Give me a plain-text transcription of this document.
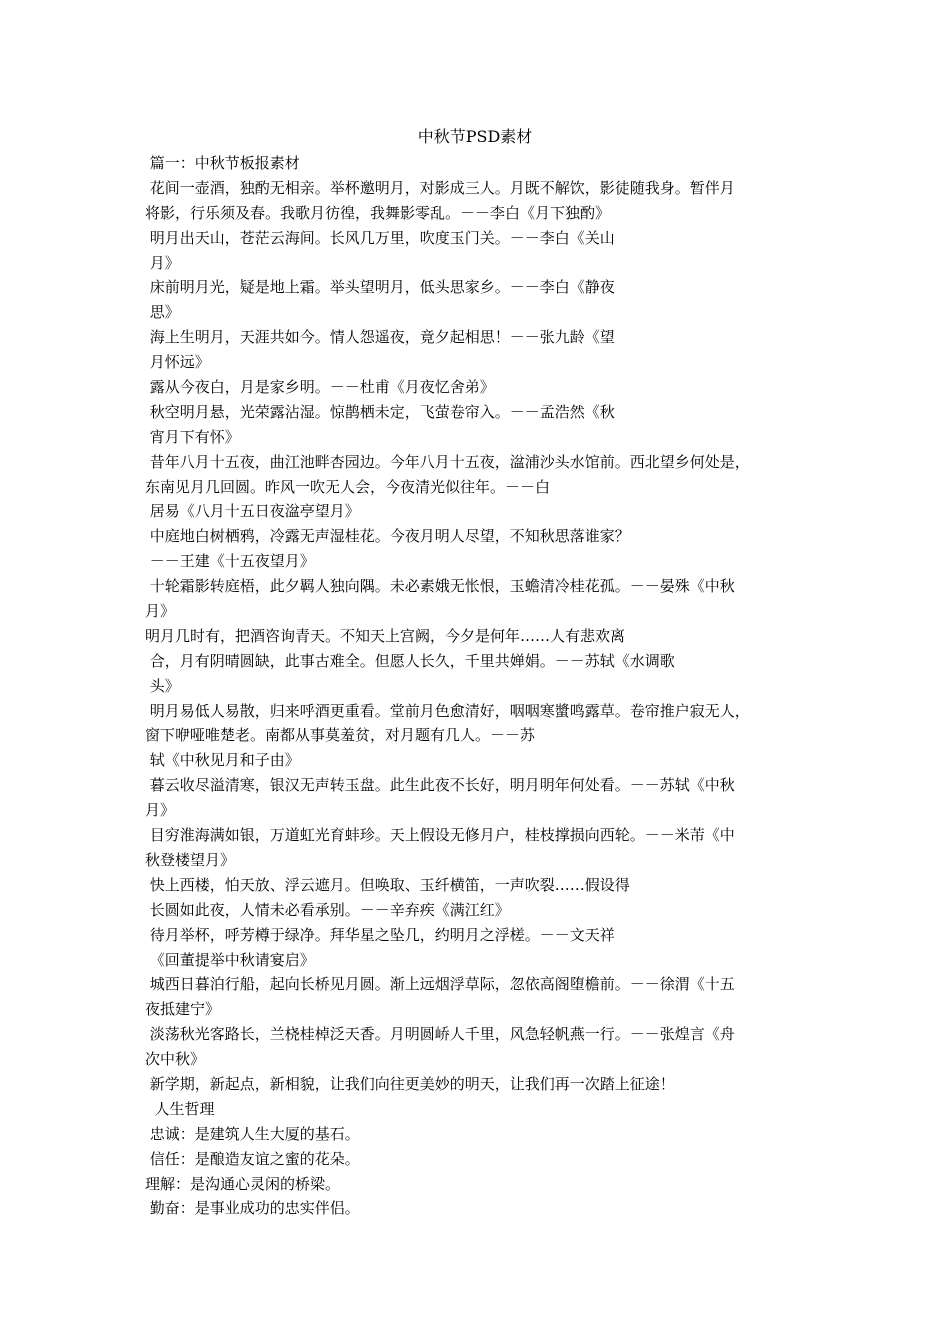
中秋节PSD素材
篇一：中秋节板报素材
花间一壶酒，独酌无相亲。举杯邀明月，对影成三人。月既不解饮，影徒随我身。暂伴月
将影，行乐须及春。我歌月彷徨，我舞影零乱。－－李白《月下独酌》
明月出天山，苍茫云海间。长风几万里，吹度玉门关。－－李白《关山
月》
床前明月光，疑是地上霜。举头望明月，低头思家乡。－－李白《静夜
思》
海上生明月，天涯共如今。情人怨遥夜，竟夕起相思！－－张九龄《望
月怀远》
露从今夜白，月是家乡明。－－杜甫《月夜忆舍弟》
秋空明月悬，光荣露沾湿。惊鹊栖未定，飞萤卷帘入。－－孟浩然《秋
宵月下有怀》
昔年八月十五夜，曲江池畔杏园边。今年八月十五夜，湓浦沙头水馆前。西北望乡何处是，
东南见月几回圆。昨风一吹无人会，今夜清光似往年。－－白
居易《八月十五日夜湓亭望月》
中庭地白树栖鸦，冷露无声湿桂花。今夜月明人尽望，不知秋思落谁家？
－－王建《十五夜望月》
十轮霜影转庭梧，此夕羁人独向隅。未必素娥无怅恨，玉蟾清冷桂花孤。－－晏殊《中秋
月》
明月几时有，把酒咨询青天。不知天上宫阙，今夕是何年……人有悲欢离
合，月有阴晴圆缺，此事古难全。但愿人长久，千里共婵娟。－－苏轼《水调歌
头》
明月易低人易散，归来呼酒更重看。堂前月色愈清好，咽咽寒螿鸣露草。卷帘推户寂无人，
窗下咿哑唯楚老。南都从事莫羞贫，对月题有几人。－－苏
轼《中秋见月和子由》
暮云收尽溢清寒，银汉无声转玉盘。此生此夜不长好，明月明年何处看。－－苏轼《中秋
月》
目穷淮海满如银，万道虹光育蚌珍。天上假设无修月户，桂枝撑损向西轮。－－米芾《中
秋登楼望月》
快上西楼，怕天放、浮云遮月。但唤取、玉纤横笛，一声吹裂……假设得
长圆如此夜，人情未必看承别。－－辛弃疾《满江红》
待月举杯，呼芳樽于绿净。拜华星之坠几，约明月之浮槎。－－文天祥
《回董提举中秋请宴启》
城西日暮泊行船，起向长桥见月圆。渐上远烟浮草际，忽依高阁堕檐前。－－徐渭《十五
夜抵建宁》
淡荡秋光客路长，兰桡桂棹泛天香。月明圆峤人千里，风急轻帆燕一行。－－张煌言《舟
次中秋》
新学期，新起点，新相貌，让我们向往更美妙的明天，让我们再一次踏上征途！
人生哲理
忠诚：是建筑人生大厦的基石。
信任：是酿造友谊之蜜的花朵。
理解：是沟通心灵闲的桥梁。
勤奋：是事业成功的忠实伴侣。
